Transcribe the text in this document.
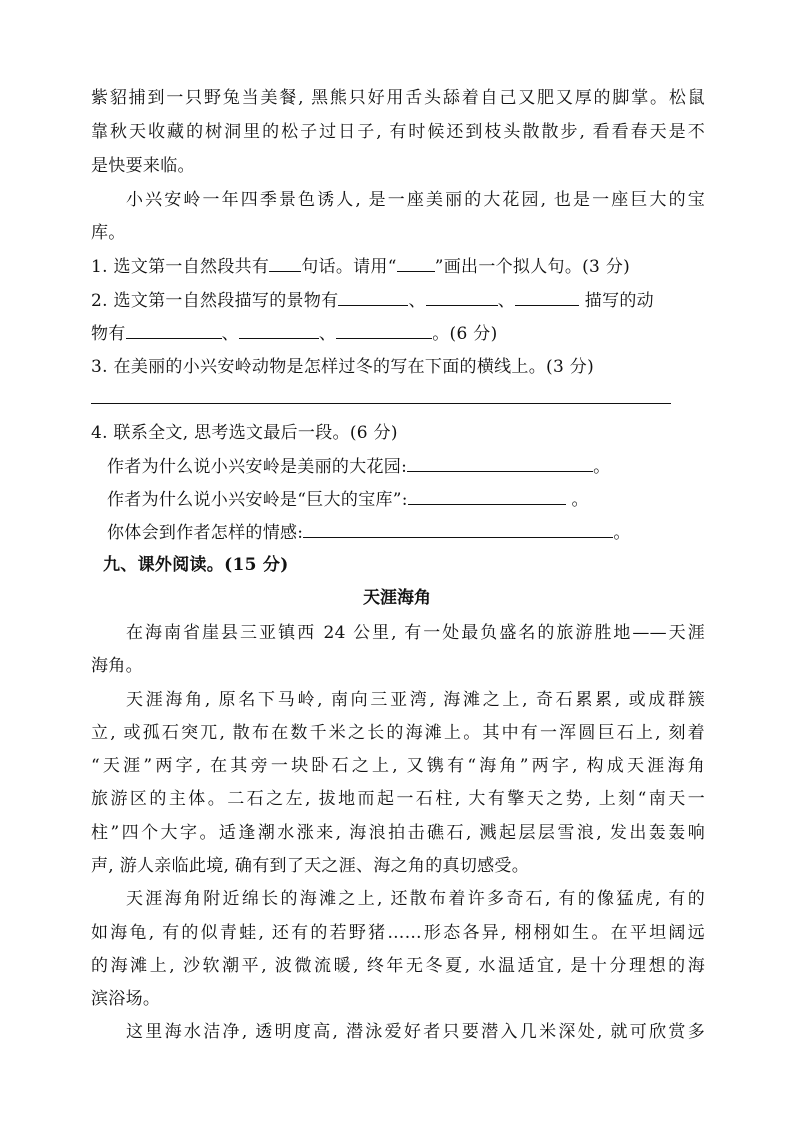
紫貂捕到一只野兔当美餐, 黑熊只好用舌头舔着自己又肥又厚的脚掌。松鼠
靠秋天收藏的树洞里的松子过日子, 有时候还到枝头散散步, 看看春天是不
是快要来临。
小兴安岭一年四季景色诱人, 是一座美丽的大花园, 也是一座巨大的宝
库。
1. 选文第一自然段共有 句话。请用“ ”画出一个拟人句。(3 分)
2. 选文第一自然段描写的景物有	、	、	描写的动
物有	、	、	。(6 分)
3. 在美丽的小兴安岭动物是怎样过冬的写在下面的横线上。(3 分)
4. 联系全文, 思考选文最后一段。(6 分)
作者为什么说小兴安岭是美丽的大花园:	。
作者为什么说小兴安岭是“巨大的宝库”:	。
你体会到作者怎样的情感:	。
九、课外阅读。(15 分)
天涯海角
在海南省崖县三亚镇西 24 公里, 有一处最负盛名的旅游胜地——天涯
海角。
天涯海角, 原名下马岭, 南向三亚湾, 海滩之上, 奇石累累, 或成群簇
立, 或孤石突兀, 散布在数千米之长的海滩上。其中有一浑圆巨石上, 刻着
“天涯”两字, 在其旁一块卧石之上, 又镌有“海角”两字, 构成天涯海角
旅游区的主体。二石之左, 拔地而起一石柱, 大有擎天之势, 上刻“南天一
柱”四个大字。适逢潮水涨来, 海浪拍击礁石, 溅起层层雪浪, 发出轰轰响
声, 游人亲临此境, 确有到了天之涯、海之角的真切感受。
天涯海角附近绵长的海滩之上, 还散布着许多奇石, 有的像猛虎, 有的
如海龟, 有的似青蛙, 还有的若野猪……形态各异, 栩栩如生。在平坦阔远
的海滩上, 沙软潮平, 波微流暖, 终年无冬夏, 水温适宜, 是十分理想的海
滨浴场。
这里海水洁净, 透明度高, 潜泳爱好者只要潜入几米深处, 就可欣赏多
